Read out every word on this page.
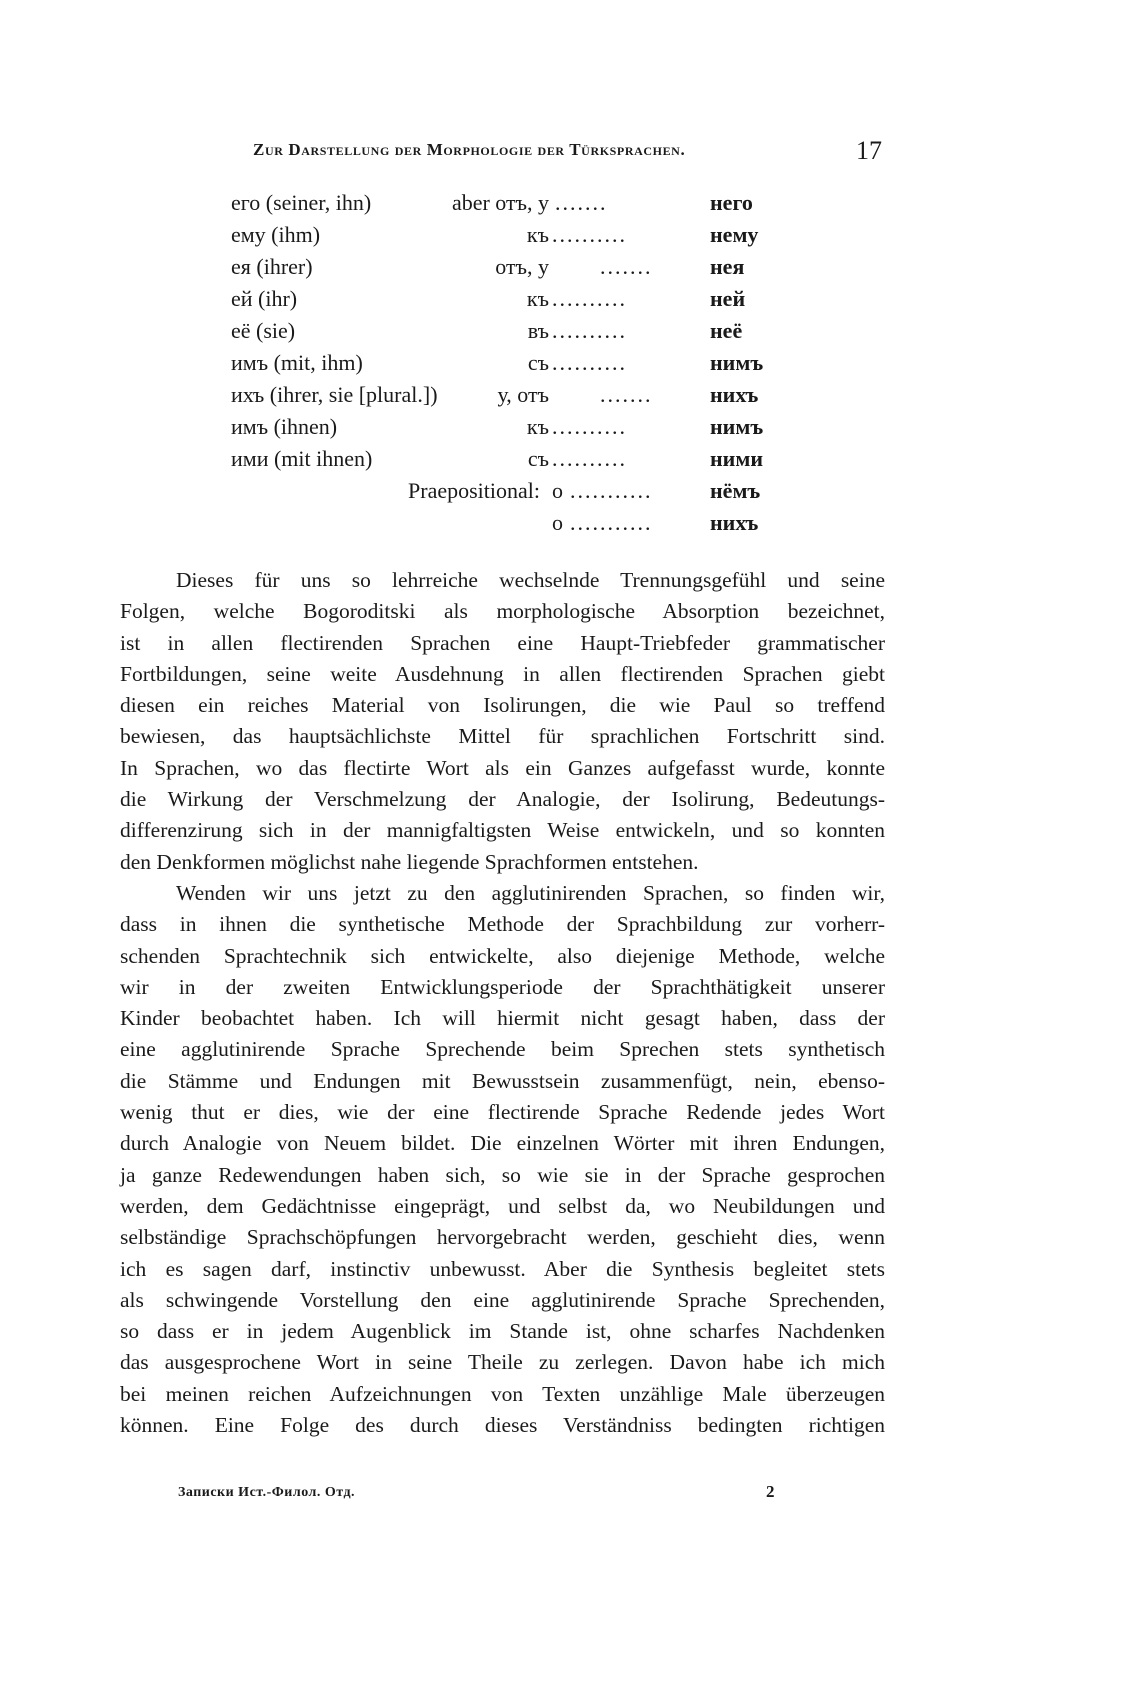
Zur Darstellung der Morphologie der Türksprachen.	17
его (seiner, ihn)	aber отъ, у .......	него
ему (ihm)	къ ..........	нему
ея (ihrer)	отъ, у .......	нея
ей (ihr)	къ ..........	ней
её (sie)	въ ..........	неё
имъ (mit, ihm)	съ ..........	нимъ
ихъ (ihrer, sie [plural.])	у, отъ .......	нихъ
имъ (ihnen)	къ ..........	нимъ
ими (mit ihnen)	съ ..........	ними
Praepositional: о ...........	нёмъ
о ...........	нихъ
Dieses für uns so lehrreiche wechselnde Trennungsgefühl und seine
Folgen, welche Bogoroditski als morphologische Absorption bezeichnet,
ist in allen flectirenden Sprachen eine Haupt-Triebfeder grammatischer
Fortbildungen, seine weite Ausdehnung in allen flectirenden Sprachen giebt
diesen ein reiches Material von Isolirungen, die wie Paul so treffend
bewiesen, das hauptsächlichste Mittel für sprachlichen Fortschritt sind.
In Sprachen, wo das flectirte Wort als ein Ganzes aufgefasst wurde, konnte
die Wirkung der Verschmelzung der Analogie, der Isolirung, Bedeutungs-
differenzirung sich in der mannigfaltigsten Weise entwickeln, und so konnten
den Denkformen möglichst nahe liegende Sprachformen entstehen.
Wenden wir uns jetzt zu den agglutinirenden Sprachen, so finden wir,
dass in ihnen die synthetische Methode der Sprachbildung zur vorherr-
schenden Sprachtechnik sich entwickelte, also diejenige Methode, welche
wir in der zweiten Entwicklungsperiode der Sprachthätigkeit unserer
Kinder beobachtet haben. Ich will hiermit nicht gesagt haben, dass der
eine agglutinirende Sprache Sprechende beim Sprechen stets synthetisch
die Stämme und Endungen mit Bewusstsein zusammenfügt, nein, ebenso-
wenig thut er dies, wie der eine flectirende Sprache Redende jedes Wort
durch Analogie von Neuem bildet. Die einzelnen Wörter mit ihren Endungen,
ja ganze Redewendungen haben sich, so wie sie in der Sprache gesprochen
werden, dem Gedächtnisse eingeprägt, und selbst da, wo Neubildungen und
selbständige Sprachschöpfungen hervorgebracht werden, geschieht dies, wenn
ich es sagen darf, instinctiv unbewusst. Aber die Synthesis begleitet stets
als schwingende Vorstellung den eine agglutinirende Sprache Sprechenden,
so dass er in jedem Augenblick im Stande ist, ohne scharfes Nachdenken
das ausgesprochene Wort in seine Theile zu zerlegen. Davon habe ich mich
bei meinen reichen Aufzeichnungen von Texten unzählige Male überzeugen
können. Eine Folge des durch dieses Verständniss bedingten richtigen
Записки Ист.-Филол. Отд.	2
